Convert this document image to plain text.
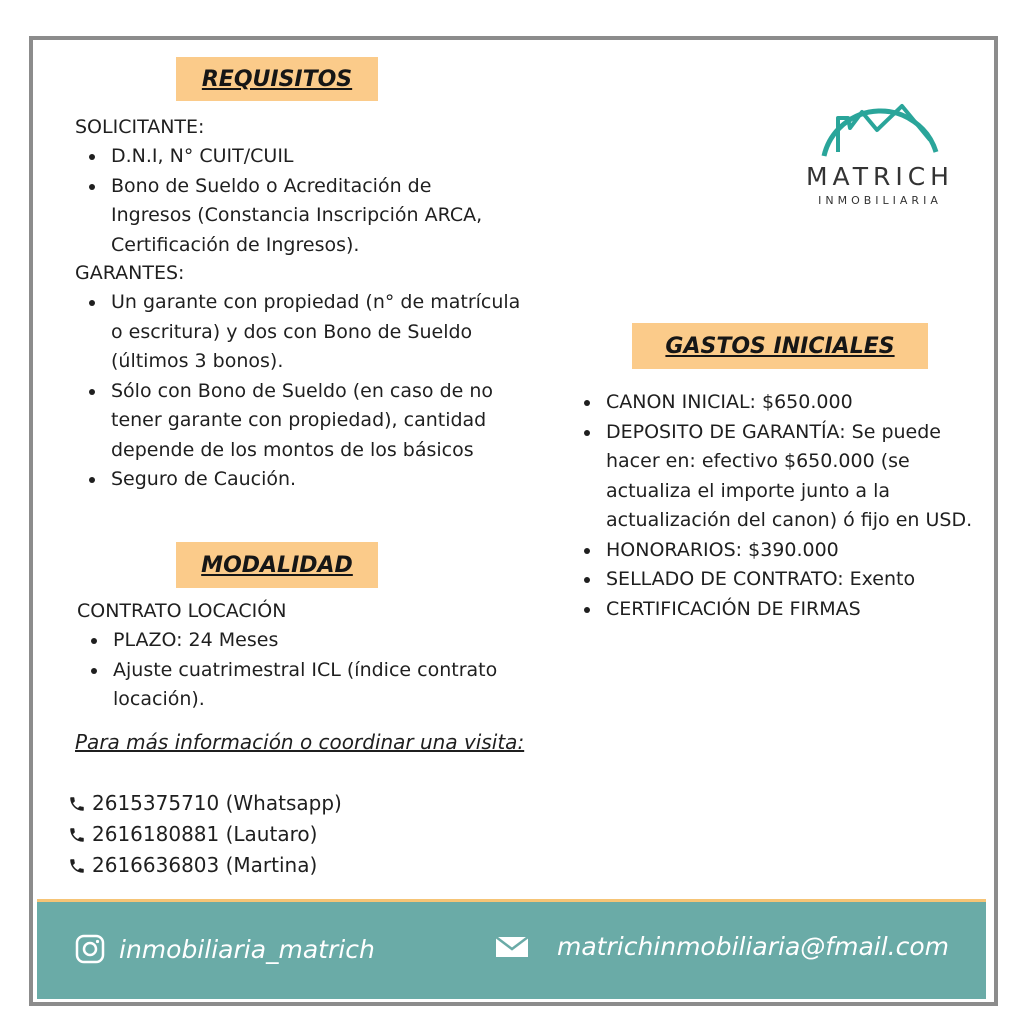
MATRICH
INMOBILIARIA
REQUISITOS
SOLICITANTE:
D.N.I, N° CUIT/CUIL
Bono de Sueldo o Acreditación de Ingresos (Constancia Inscripción ARCA, Certificación de Ingresos).
GARANTES:
Un garante con propiedad (n° de matrícula o escritura) y dos con Bono de Sueldo (últimos 3 bonos).
Sólo con Bono de Sueldo (en caso de no tener garante con propiedad), cantidad depende de los montos de los básicos
Seguro de Caución.
MODALIDAD
CONTRATO LOCACIÓN
PLAZO: 24 Meses
Ajuste cuatrimestral ICL (índice contrato locación).
GASTOS INICIALES
CANON INICIAL: $650.000
DEPOSITO DE GARANTÍA: Se puede hacer en: efectivo $650.000 (se actualiza el importe junto a la actualización del canon) ó fijo en USD.
HONORARIOS: $390.000
SELLADO DE CONTRATO: Exento
CERTIFICACIÓN DE FIRMAS
Para más información o coordinar una visita:
2615375710 (Whatsapp)
2616180881 (Lautaro)
2616636803 (Martina)
inmobiliaria_matrich	matrichinmobiliaria@fmail.com
